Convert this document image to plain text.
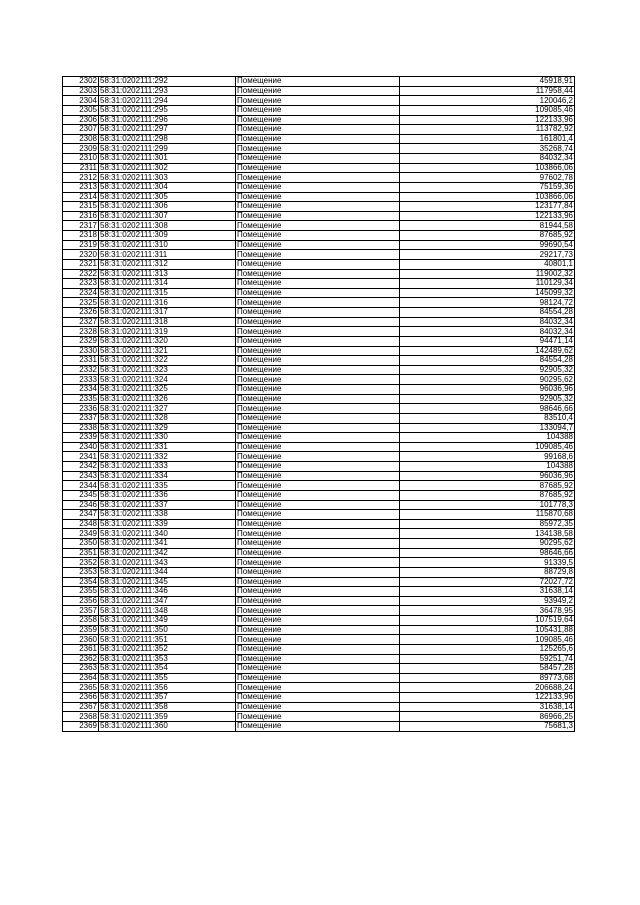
2302	58:31:0202111:292	Помещение	45918,91
2303	58:31:0202111:293	Помещение	117958,44
2304	58:31:0202111:294	Помещение	120046,2
2305	58:31:0202111:295	Помещение	109085,46
2306	58:31:0202111:296	Помещение	122133,96
2307	58:31:0202111:297	Помещение	113782,92
2308	58:31:0202111:298	Помещение	161801,4
2309	58:31:0202111:299	Помещение	35268,74
2310	58:31:0202111:301	Помещение	84032,34
2311	58:31:0202111:302	Помещение	103866,06
2312	58:31:0202111:303	Помещение	97602,78
2313	58:31:0202111:304	Помещение	75159,36
2314	58:31:0202111:305	Помещение	103866,06
2315	58:31:0202111:306	Помещение	123177,84
2316	58:31:0202111:307	Помещение	122133,96
2317	58:31:0202111:308	Помещение	81944,58
2318	58:31:0202111:309	Помещение	87685,92
2319	58:31:0202111:310	Помещение	99690,54
2320	58:31:0202111:311	Помещение	29217,73
2321	58:31:0202111:312	Помещение	40801,1
2322	58:31:0202111:313	Помещение	119002,32
2323	58:31:0202111:314	Помещение	110129,34
2324	58:31:0202111:315	Помещение	145099,32
2325	58:31:0202111:316	Помещение	98124,72
2326	58:31:0202111:317	Помещение	84554,28
2327	58:31:0202111:318	Помещение	84032,34
2328	58:31:0202111:319	Помещение	84032,34
2329	58:31:0202111:320	Помещение	94471,14
2330	58:31:0202111:321	Помещение	142489,62
2331	58:31:0202111:322	Помещение	84554,28
2332	58:31:0202111:323	Помещение	92905,32
2333	58:31:0202111:324	Помещение	90295,62
2334	58:31:0202111:325	Помещение	96036,96
2335	58:31:0202111:326	Помещение	92905,32
2336	58:31:0202111:327	Помещение	98646,66
2337	58:31:0202111:328	Помещение	83510,4
2338	58:31:0202111:329	Помещение	133094,7
2339	58:31:0202111:330	Помещение	104388
2340	58:31:0202111:331	Помещение	109085,46
2341	58:31:0202111:332	Помещение	99168,6
2342	58:31:0202111:333	Помещение	104388
2343	58:31:0202111:334	Помещение	96036,96
2344	58:31:0202111:335	Помещение	87685,92
2345	58:31:0202111:336	Помещение	87685,92
2346	58:31:0202111:337	Помещение	101778,3
2347	58:31:0202111:338	Помещение	115870,68
2348	58:31:0202111:339	Помещение	85972,35
2349	58:31:0202111:340	Помещение	134138,58
2350	58:31:0202111:341	Помещение	90295,62
2351	58:31:0202111:342	Помещение	98646,66
2352	58:31:0202111:343	Помещение	91339,5
2353	58:31:0202111:344	Помещение	88729,8
2354	58:31:0202111:345	Помещение	72027,72
2355	58:31:0202111:346	Помещение	31638,14
2356	58:31:0202111:347	Помещение	93949,2
2357	58:31:0202111:348	Помещение	36478,95
2358	58:31:0202111:349	Помещение	107519,64
2359	58:31:0202111:350	Помещение	105431,88
2360	58:31:0202111:351	Помещение	109085,46
2361	58:31:0202111:352	Помещение	125265,6
2362	58:31:0202111:353	Помещение	59251,74
2363	58:31:0202111:354	Помещение	58457,28
2364	58:31:0202111:355	Помещение	89773,68
2365	58:31:0202111:356	Помещение	206688,24
2366	58:31:0202111:357	Помещение	122133,96
2367	58:31:0202111:358	Помещение	31638,14
2368	58:31:0202111:359	Помещение	86966,25
2369	58:31:0202111:360	Помещение	75681,3
